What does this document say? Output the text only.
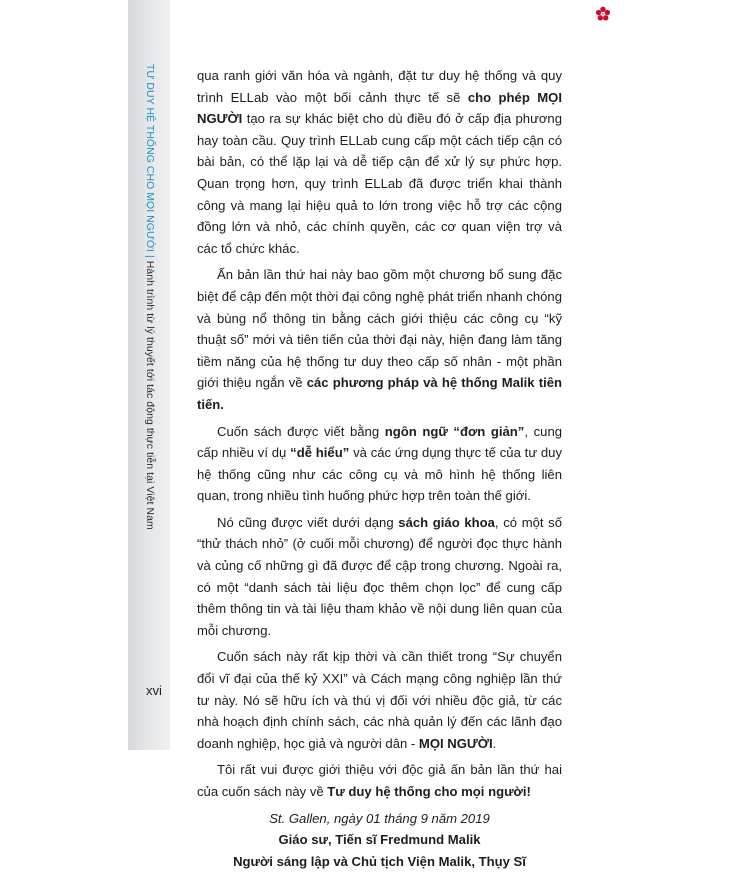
TƯ DUY HỆ THỐNG CHO MỌI NGƯỜI|Hành trình từ lý thuyết tới tác động thực tiễn tại Việt Nam

qua ranh giới văn hóa và ngành, đặt tư duy hệ thống và quy trình ELLab vào một bối cảnh thực tế sẽ cho phép MỌI NGƯỜI tạo ra sự khác biệt cho dù điều đó ở cấp địa phương hay toàn cầu. Quy trình ELLab cung cấp một cách tiếp cận có bài bản, có thể lặp lại và dễ tiếp cận để xử lý sự phức hợp. Quan trọng hơn, quy trình ELLab đã được triển khai thành công và mang lại hiệu quả to lớn trong việc hỗ trợ các cộng đồng lớn và nhỏ, các chính quyền, các cơ quan viện trợ và các tổ chức khác.

Ấn bản lần thứ hai này bao gồm một chương bổ sung đặc biệt để cập đến một thời đại công nghệ phát triển nhanh chóng và bùng nổ thông tin bằng cách giới thiệu các công cụ “kỹ thuật số” mới và tiên tiến của thời đại này, hiện đang làm tăng tiềm năng của hệ thống tư duy theo cấp số nhân - một phần giới thiệu ngắn về các phương pháp và hệ thống Malik tiên tiến.

Cuốn sách được viết bằng ngôn ngữ “đơn giản”, cung cấp nhiều ví dụ “dễ hiểu” và các ứng dụng thực tế của tư duy hệ thống cũng như các công cụ và mô hình hệ thống liên quan, trong nhiều tình huống phức hợp trên toàn thế giới.

Nó cũng được viết dưới dạng sách giáo khoa, có một số “thử thách nhỏ” (ở cuối mỗi chương) để người đọc thực hành và củng cố những gì đã được để cập trong chương. Ngoài ra, có một “danh sách tài liệu đọc thêm chọn lọc” để cung cấp thêm thông tin và tài liệu tham khảo về nội dung liên quan của mỗi chương.

Cuốn sách này rất kịp thời và cần thiết trong “Sự chuyển đổi vĩ đại của thế kỷ XXI” và Cách mạng công nghiệp lần thứ tư này. Nó sẽ hữu ích và thú vị đối với nhiều độc giả, từ các nhà hoạch định chính sách, các nhà quản lý đến các lãnh đạo doanh nghiệp, học giả và người dân - MỌI NGƯỜI.

Tôi rất vui được giới thiệu với độc giả ấn bản lần thứ hai của cuốn sách này về Tư duy hệ thống cho mọi người!

St. Gallen, ngày 01 tháng 9 năm 2019
Giáo sư, Tiến sĩ Fredmund Malik
Người sáng lập và Chủ tịch Viện Malik, Thụy Sĩ
xvi
